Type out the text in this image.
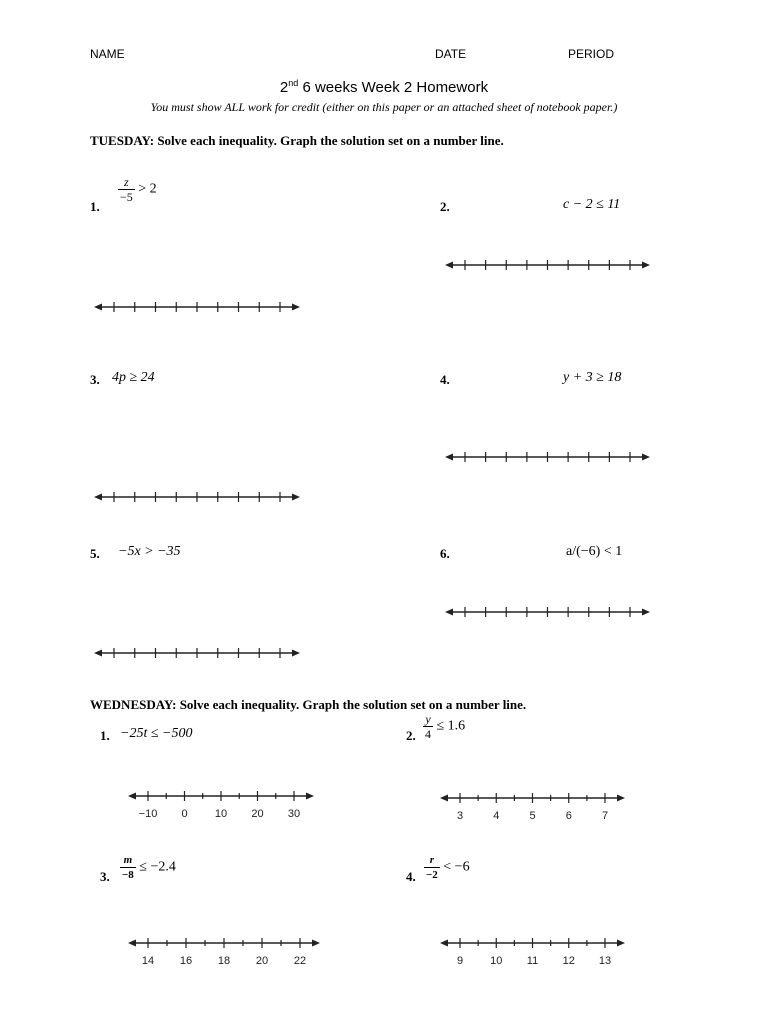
NAME	DATE	PERIOD
2nd 6 weeks Week 2 Homework
You must show ALL work for credit (either on this paper or an attached sheet of notebook paper.)
TUESDAY: Solve each inequality. Graph the solution set on a number line.
1.
$\frac{z}{-5} > 2$
2.	c − 2 ≤ 11
3. 4p ≥ 24	4.	y + 3 ≥ 18
5. −5x > −35	6.	a/(−6) < 1
WEDNESDAY: Solve each inequality. Graph the solution set on a number line.
1. −25t ≤ −500	2. $\frac{y}{4} \le 1.6$
3. $\frac{m}{-8} \le -2.4$
4. $\frac{r}{-2} < -6$
−10 0 10 20 30	3	4	5	6	7
14 16 18 20 22	9 10 11 12 13
